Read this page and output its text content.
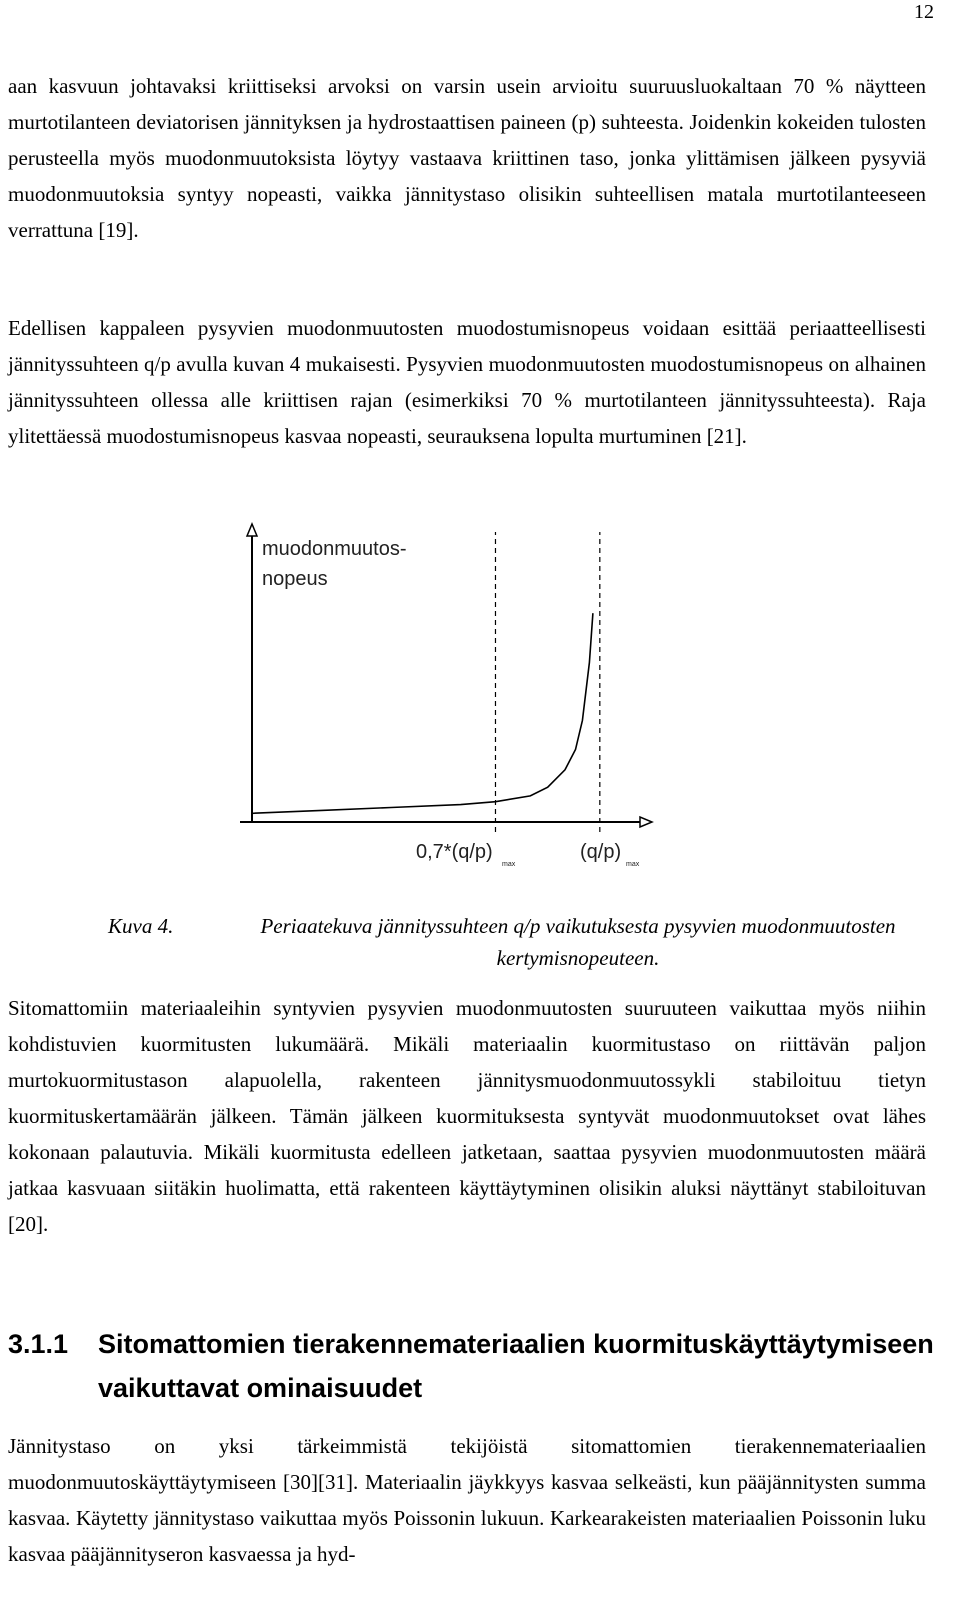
12

aan kasvuun johtavaksi kriittiseksi arvoksi on varsin usein arvioitu suuruusluokaltaan 70 % näytteen murtotilanteen deviatorisen jännityksen ja hydrostaattisen paineen (p) suhteesta. Joidenkin kokeiden tulosten perusteella myös muodonmuutoksista löytyy vastaava kriittinen taso, jonka ylittämisen jälkeen pysyviä muodonmuutoksia syntyy nopeasti, vaikka jännitystaso olisikin suhteellisen matala murtotilanteeseen verrattuna [19].

Edellisen kappaleen pysyvien muodonmuutosten muodostumisnopeus voidaan esittää periaatteellisesti jännityssuhteen q/p avulla kuvan 4 mukaisesti. Pysyvien muodonmuutosten muodostumisnopeus on alhainen jännityssuhteen ollessa alle kriittisen rajan (esimerkiksi 70 % murtotilanteen jännityssuhteesta). Raja ylitettäessä muodostumisnopeus kasvaa nopeasti, seurauksena lopulta murtuminen [21].

muodonmuutos-
nopeus
0,7*(q/p)
max
(q/p)
max
Kuva 4.	Periaatekuva jännityssuhteen q/p vaikutuksesta pysyvien muodonmuutosten kertymisnopeuteen.

Sitomattomiin materiaaleihin syntyvien pysyvien muodonmuutosten suuruuteen vaikuttaa myös niihin kohdistuvien kuormitusten lukumäärä. Mikäli materiaalin kuormitustaso on riittävän paljon murtokuormitustason alapuolella, rakenteen jännitysmuodonmuutossykli stabiloituu tietyn kuormituskertamäärän jälkeen. Tämän jälkeen kuormituksesta syntyvät muodonmuutokset ovat lähes kokonaan palautuvia. Mikäli kuormitusta edelleen jatketaan, saattaa pysyvien muodonmuutosten määrä jatkaa kasvuaan siitäkin huolimatta, että rakenteen käyttäytyminen olisikin aluksi näyttänyt stabiloituvan [20].

3.1.1 Sitomattomien tierakennemateriaalien kuormituskäyttäytymiseen vaikuttavat ominaisuudet

Jännitystaso on yksi tärkeimmistä tekijöistä sitomattomien tierakennemateriaalien muodonmuutoskäyttäytymiseen [30][31]. Materiaalin jäykkyys kasvaa selkeästi, kun pääjännitysten summa kasvaa. Käytetty jännitystaso vaikuttaa myös Poissonin lukuun. Karkearakeisten materiaalien Poissonin luku kasvaa pääjännityseron kasvaessa ja hyd-
